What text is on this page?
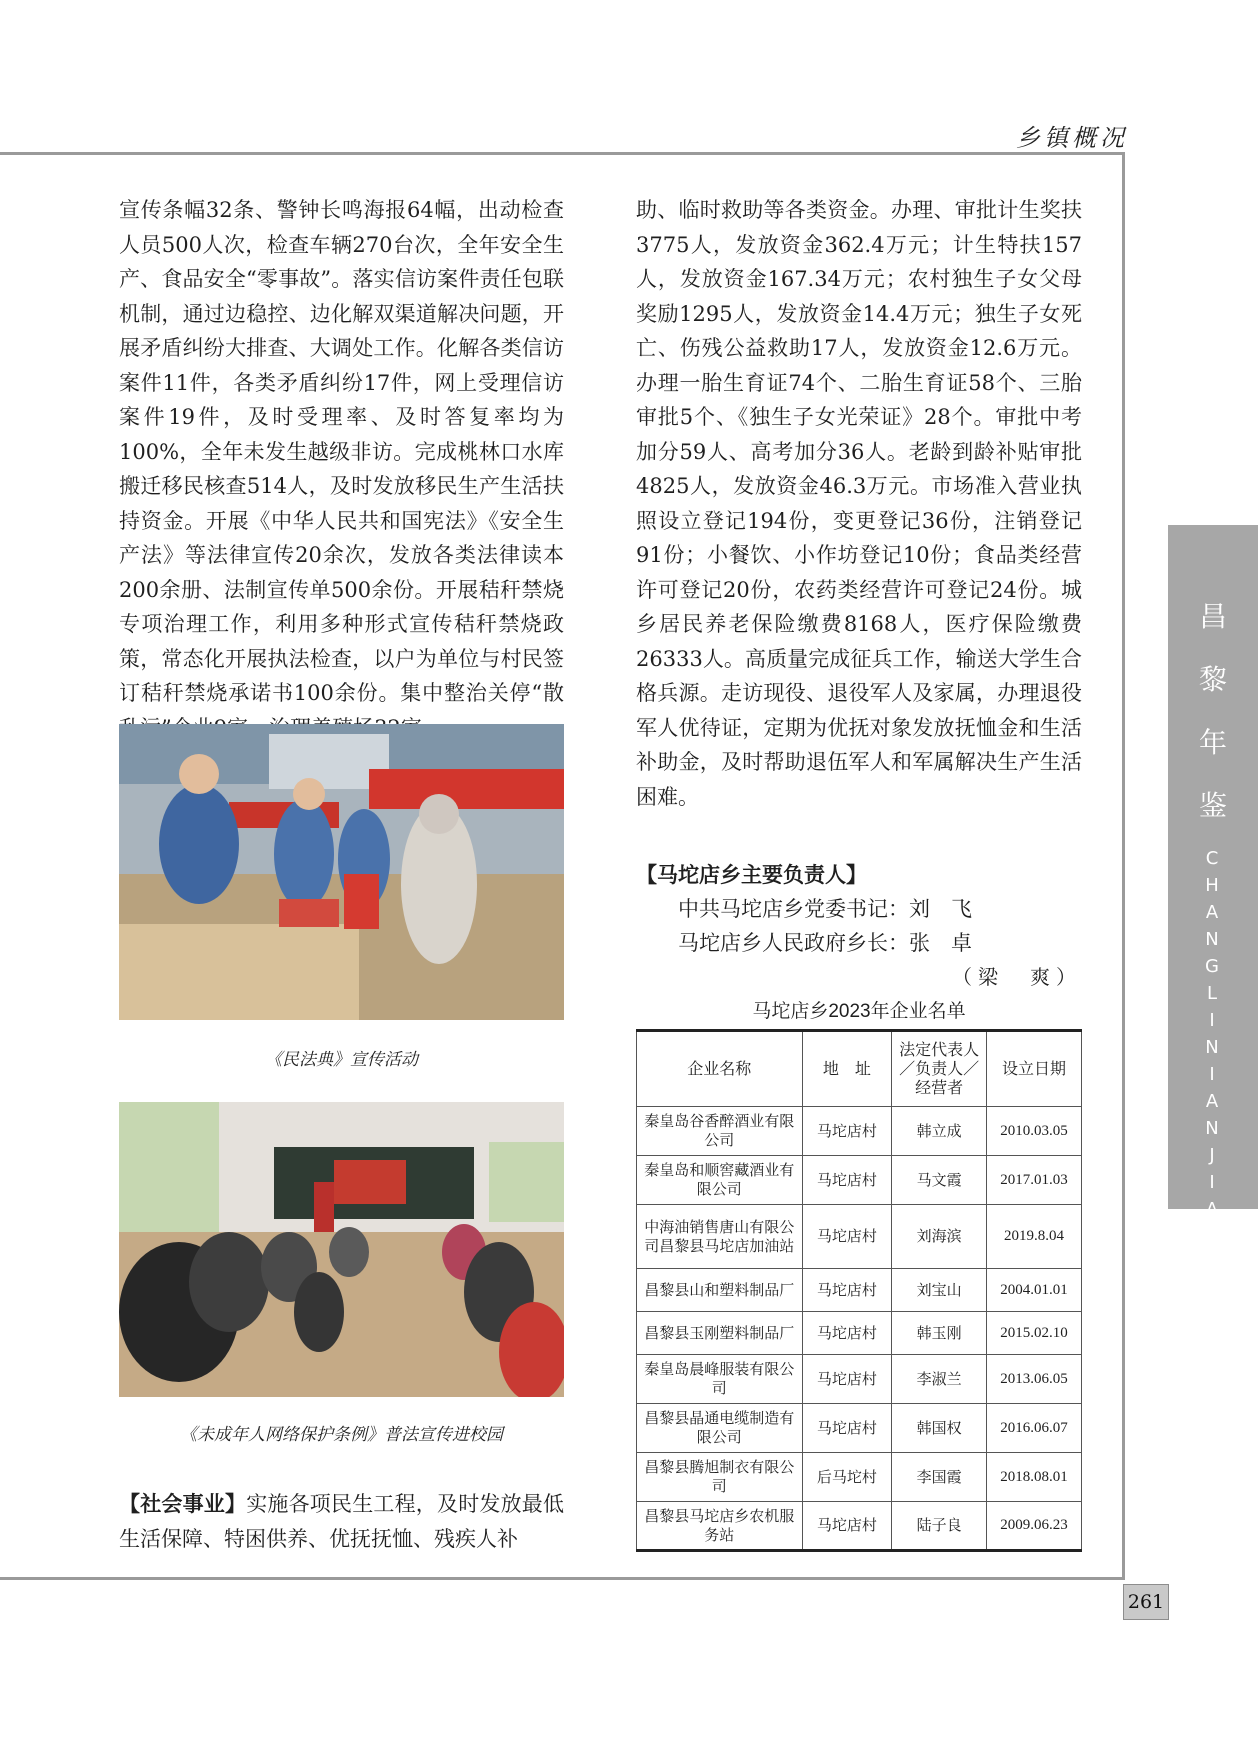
乡镇概况
昌
黎
年
鉴
C
H
A
N
G
L
I
N
I
A
N
J
I
A
N
261

宣传条幅32条、警钟长鸣海报64幅，出动检查人员500人次，检查车辆270台次，全年安全生产、食品安全“零事故”。落实信访案件责任包联机制，通过边稳控、边化解双渠道解决问题，开展矛盾纠纷大排查、大调处工作。化解各类信访案件11件，各类矛盾纠纷17件，网上受理信访案件19件，及时受理率、及时答复率均为100%，全年未发生越级非访。完成桃林口水库搬迁移民核查514人，及时发放移民生产生活扶持资金。开展《中华人民共和国宪法》《安全生产法》等法律宣传20余次，发放各类法律读本200余册、法制宣传单500余份。开展秸秆禁烧专项治理工作，利用多种形式宣传秸秆禁烧政策，常态化开展执法检查，以户为单位与村民签订秸秆禁烧承诺书100余份。集中整治关停“散

《民法典》宣传活动
《未成年人网络保护条例》普法宣传进校园
【社会事业】实施各项民生工程，及时发放最低生活保障、特困供养、优抚抚恤、残疾人补

助、临时救助等各类资金。办理、审批计生奖扶3775人，发放资金362.4万元；计生特扶157人，发放资金167.34万元；农村独生子女父母奖励1295人，发放资金14.4万元；独生子女死亡、伤残公益救助17人，发放资金12.6万元。办理一胎生育证74个、二胎生育证58个、三胎审批5个、《独生子女光荣证》28个。审批中考加分59人、高考加分36人。老龄到龄补贴审批4825人，发放资金46.3万元。市场准入营业执照设立登记194份，变更登记36份，注销登记91份；小餐饮、小作坊登记10份；食品类经营许可登记20份，农药类经营许可登记24份。城乡居民养老保险缴费8168人，医疗保险缴费26333人。高质量完成征兵工作，输送大学生合格兵源。走访现役、退役军人及家属，办理退役军人优待证，定期为优抚对象发放抚恤金和生活补助金，及时帮助退伍军人和军属解决生产生活困难。

【马坨店乡主要负责人】
中共马坨店乡党委书记：刘　飞
马坨店乡人民政府乡长：张　卓
（梁　爽）
马坨店乡2023年企业名单
企业名称	地　址	法定代表人／负责人／经营者	设立日期
秦皇岛谷香醉酒业有限公司	马坨店村	韩立成	2010.03.05
秦皇岛和顺窖藏酒业有限公司	马坨店村	马文霞	2017.01.03
中海油销售唐山有限公司昌黎县马坨店加油站	马坨店村	刘海滨	2019.8.04
昌黎县山和塑料制品厂	马坨店村	刘宝山	2004.01.01
昌黎县玉刚塑料制品厂	马坨店村	韩玉刚	2015.02.10
秦皇岛晨峰服装有限公司	马坨店村	李淑兰	2013.06.05
昌黎县晶通电缆制造有限公司	马坨店村	韩国权	2016.06.07
昌黎县腾旭制衣有限公司	后马坨村	李国霞	2018.08.01
昌黎县马坨店乡农机服务站	马坨店村	陆子良	2009.06.23
